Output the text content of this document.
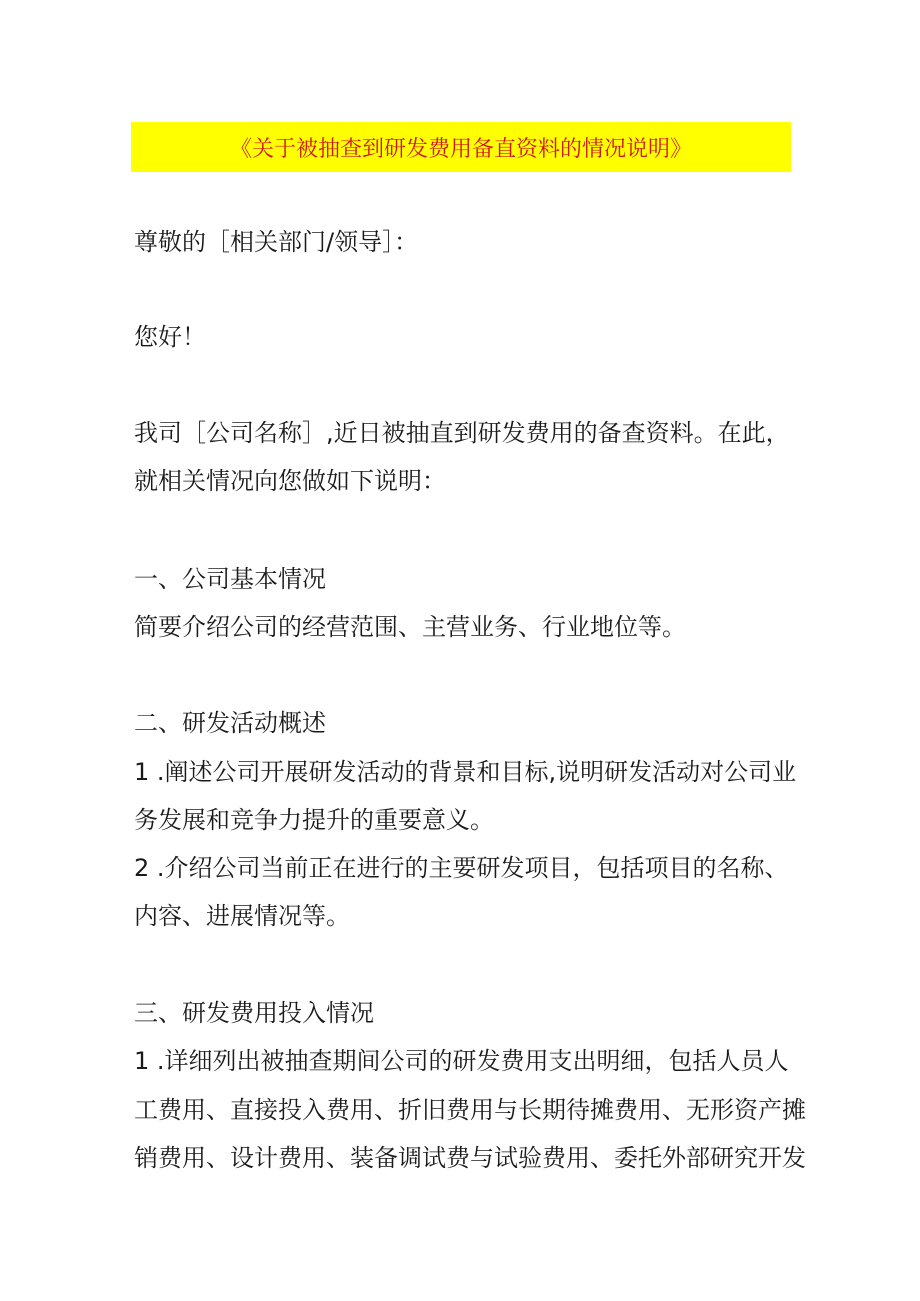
《关于被抽查到研发费用备直资料的情况说明》
尊敬的［相关部门/领导］：
您好！
我司［公司名称］,近日被抽直到研发费用的备查资料。在此，
就相关情况向您做如下说明：
一、公司基本情况
简要介绍公司的经营范围、主营业务、行业地位等。
二、研发活动概述
1 .阐述公司开展研发活动的背景和目标,说明研发活动对公司业
务发展和竞争力提升的重要意义。
2 .介绍公司当前正在进行的主要研发项目，包括项目的名称、
内容、进展情况等。
三、研发费用投入情况
1 .详细列出被抽查期间公司的研发费用支出明细，包括人员人
工费用、直接投入费用、折旧费用与长期待摊费用、无形资产摊
销费用、设计费用、装备调试费与试验费用、委托外部研究开发
